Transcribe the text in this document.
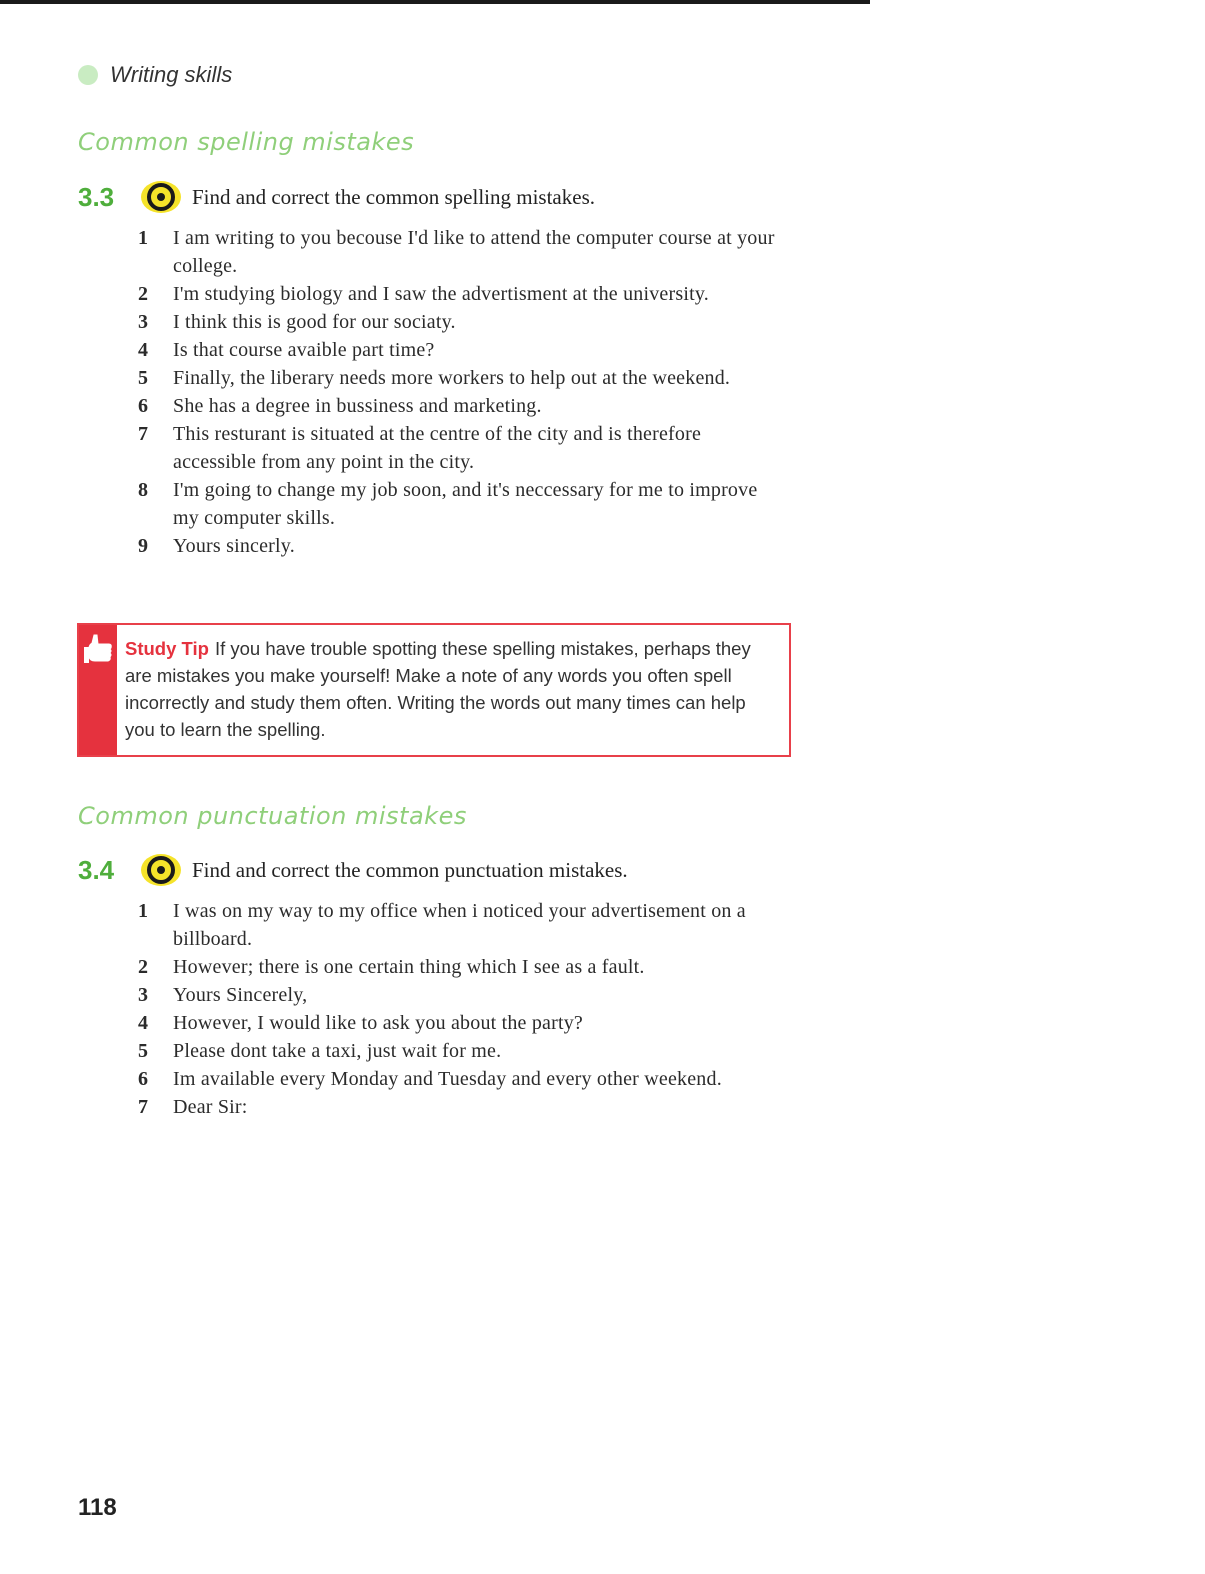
Writing skills
Common spelling mistakes
3.3	Find and correct the common spelling mistakes.
1	I am writing to you becouse I'd like to attend the computer course at your college.
2	I'm studying biology and I saw the advertisment at the university.
3	I think this is good for our sociaty.
4	Is that course avaible part time?
5	Finally, the liberary needs more workers to help out at the weekend.
6	She has a degree in bussiness and marketing.
7	This resturant is situated at the centre of the city and is therefore accessible from any point in the city.
8	I'm going to change my job soon, and it's neccessary for me to improve my computer skills.
9	Yours sincerly.
Study Tip If you have trouble spotting these spelling mistakes, perhaps they are mistakes you make yourself! Make a note of any words you often spell incorrectly and study them often. Writing the words out many times can help you to learn the spelling.
Common punctuation mistakes
3.4	Find and correct the common punctuation mistakes.
1	I was on my way to my office when i noticed your advertisement on a billboard.
2	However; there is one certain thing which I see as a fault.
3	Yours Sincerely,
4	However, I would like to ask you about the party?
5	Please dont take a taxi, just wait for me.
6	Im available every Monday and Tuesday and every other weekend.
7	Dear Sir:
118
